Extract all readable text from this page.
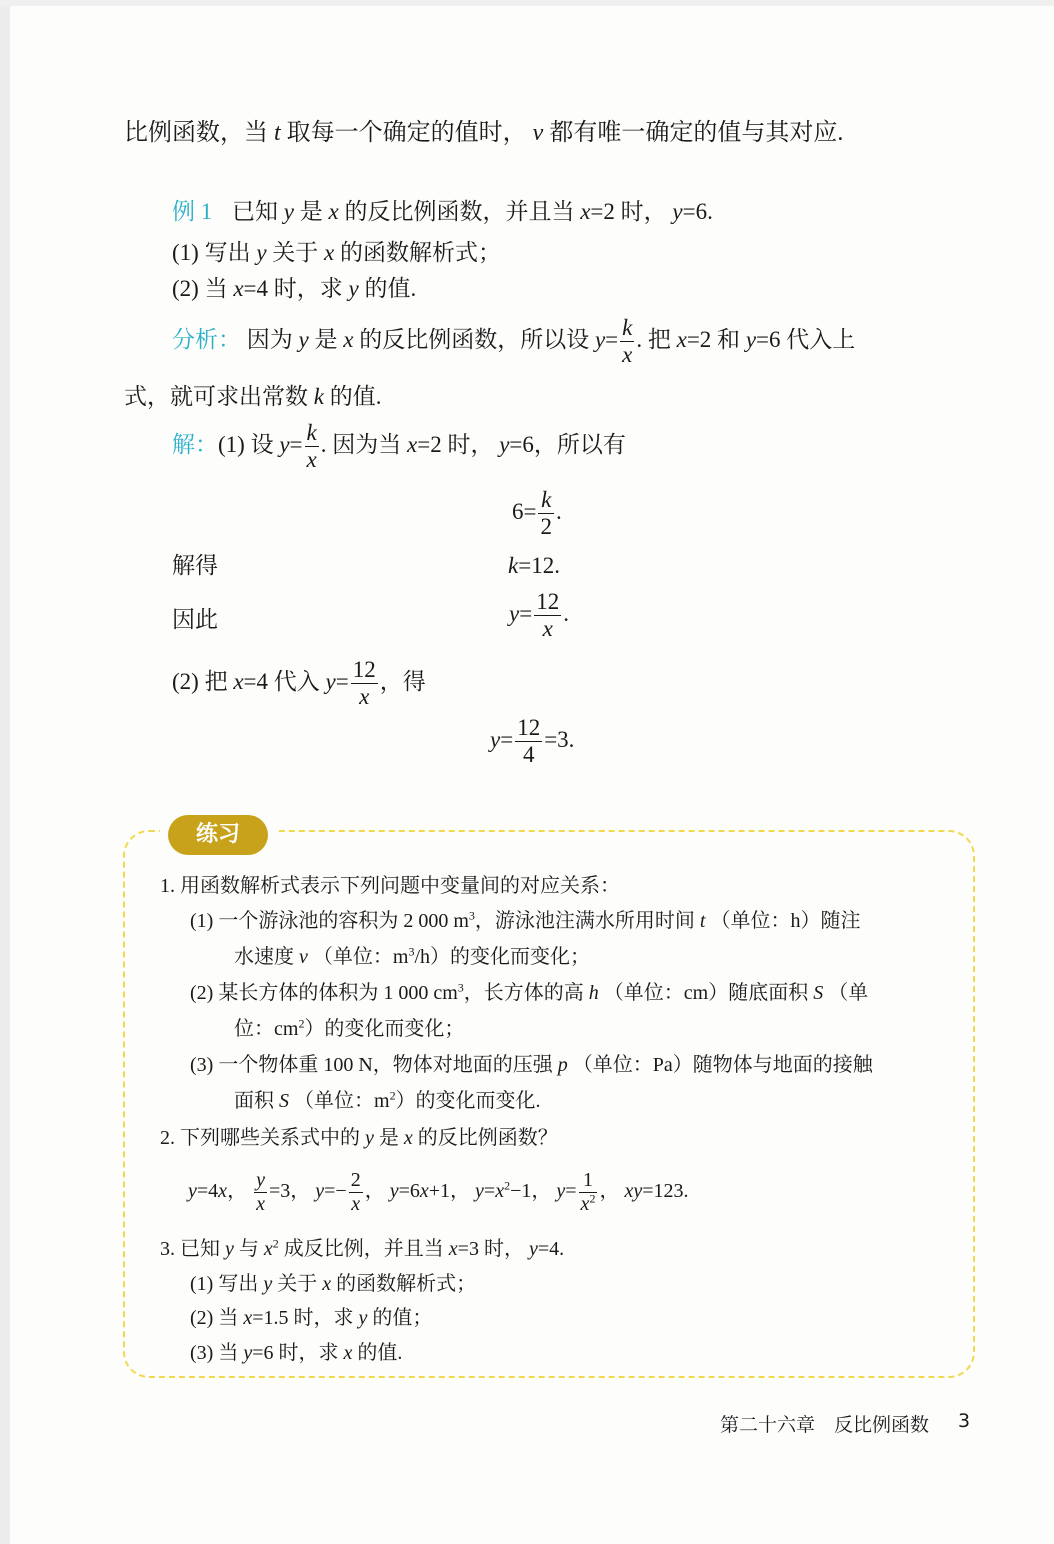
比例函数，当 t 取每一个确定的值时， v 都有唯一确定的值与其对应.
例 1 已知 y 是 x 的反比例函数，并且当 x=2 时， y=6.
(1) 写出 y 关于 x 的函数解析式；
(2) 当 x=4 时，求 y 的值.
分析： 因为 y 是 x 的反比例函数，所以设 $y= \frac{k}{x}$ . 把 x=2 和 y=6 代入上
式，就可求出常数 k 的值.
解：(1) 设 $y= \frac{k}{x}$ . 因为当 x=2 时， y=6，所以有
$6= \frac{k}{2}$ .
解得	k=12.
因此	$y= \frac{12}{x}$ .
(2) 把 x=4 代入 $y= \frac{12}{x}$ ，得
$y= \frac{12}{4} =3$.
练习
1. 用函数解析式表示下列问题中变量间的对应关系：
(1) 一个游泳池的容积为 2 000 $m^3$，游泳池注满水所用时间 t （单位：h）随注
水速度 v （单位：$m^3/h$）的变化而变化；
(2) 某长方体的体积为 1 000 $cm^3$，长方体的高 h （单位：cm）随底面积 S （单
位：$cm^2$）的变化而变化；
(3) 一个物体重 100 N，物体对地面的压强 p （单位：Pa）随物体与地面的接触
面积 S （单位：$m^2$）的变化而变化.
2. 下列哪些关系式中的 y 是 x 的反比例函数？
y=4x， $\frac{y}{x} =3$， $y=- \frac{2}{x}$ ， y=6x+1， $y=x^2-1$， $y= \frac{1}{x^2}$ ， xy=123.
3. 已知 y 与 $x^2$ 成反比例，并且当 x=3 时， y=4.
(1) 写出 y 关于 x 的函数解析式；
(2) 当 x=1.5 时，求 y 的值；
(3) 当 y=6 时，求 x 的值.
第二十六章　反比例函数 3
